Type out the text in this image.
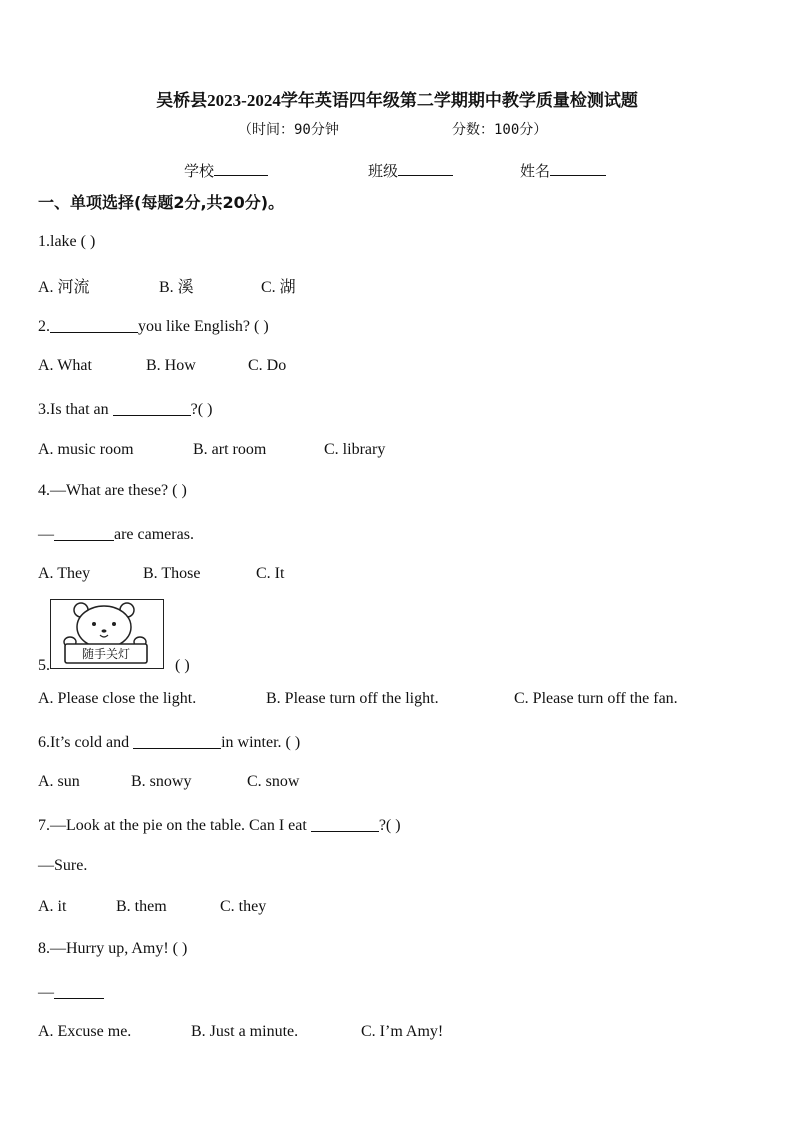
吴桥县2023-2024学年英语四年级第二学期期中教学质量检测试题
（时间：90分钟	分数：100分）
学校	班级	姓名
一、单项选择(每题2分,共20分)。
1.lake ( )
A. 河流	B. 溪	C. 湖
2.	you like English? ( )
A. What	B. How	C. Do
3.Is that an	?( )
A. music room	B. art room	C. library
4.—What are these? ( )
—	are cameras.
A. They	B. Those	C. It
随手关灯
5.	( )
A. Please close the light.	B. Please turn off the light.	C. Please turn off the fan.
6.It’s cold and	in winter. ( )
A. sun	B. snowy	C. snow
7.—Look at the pie on the table. Can I eat	?( )
—Sure.
A. it	B. them	C. they
8.—Hurry up, Amy! ( )
—
A. Excuse me.	B. Just a minute.	C. I’m Amy!
